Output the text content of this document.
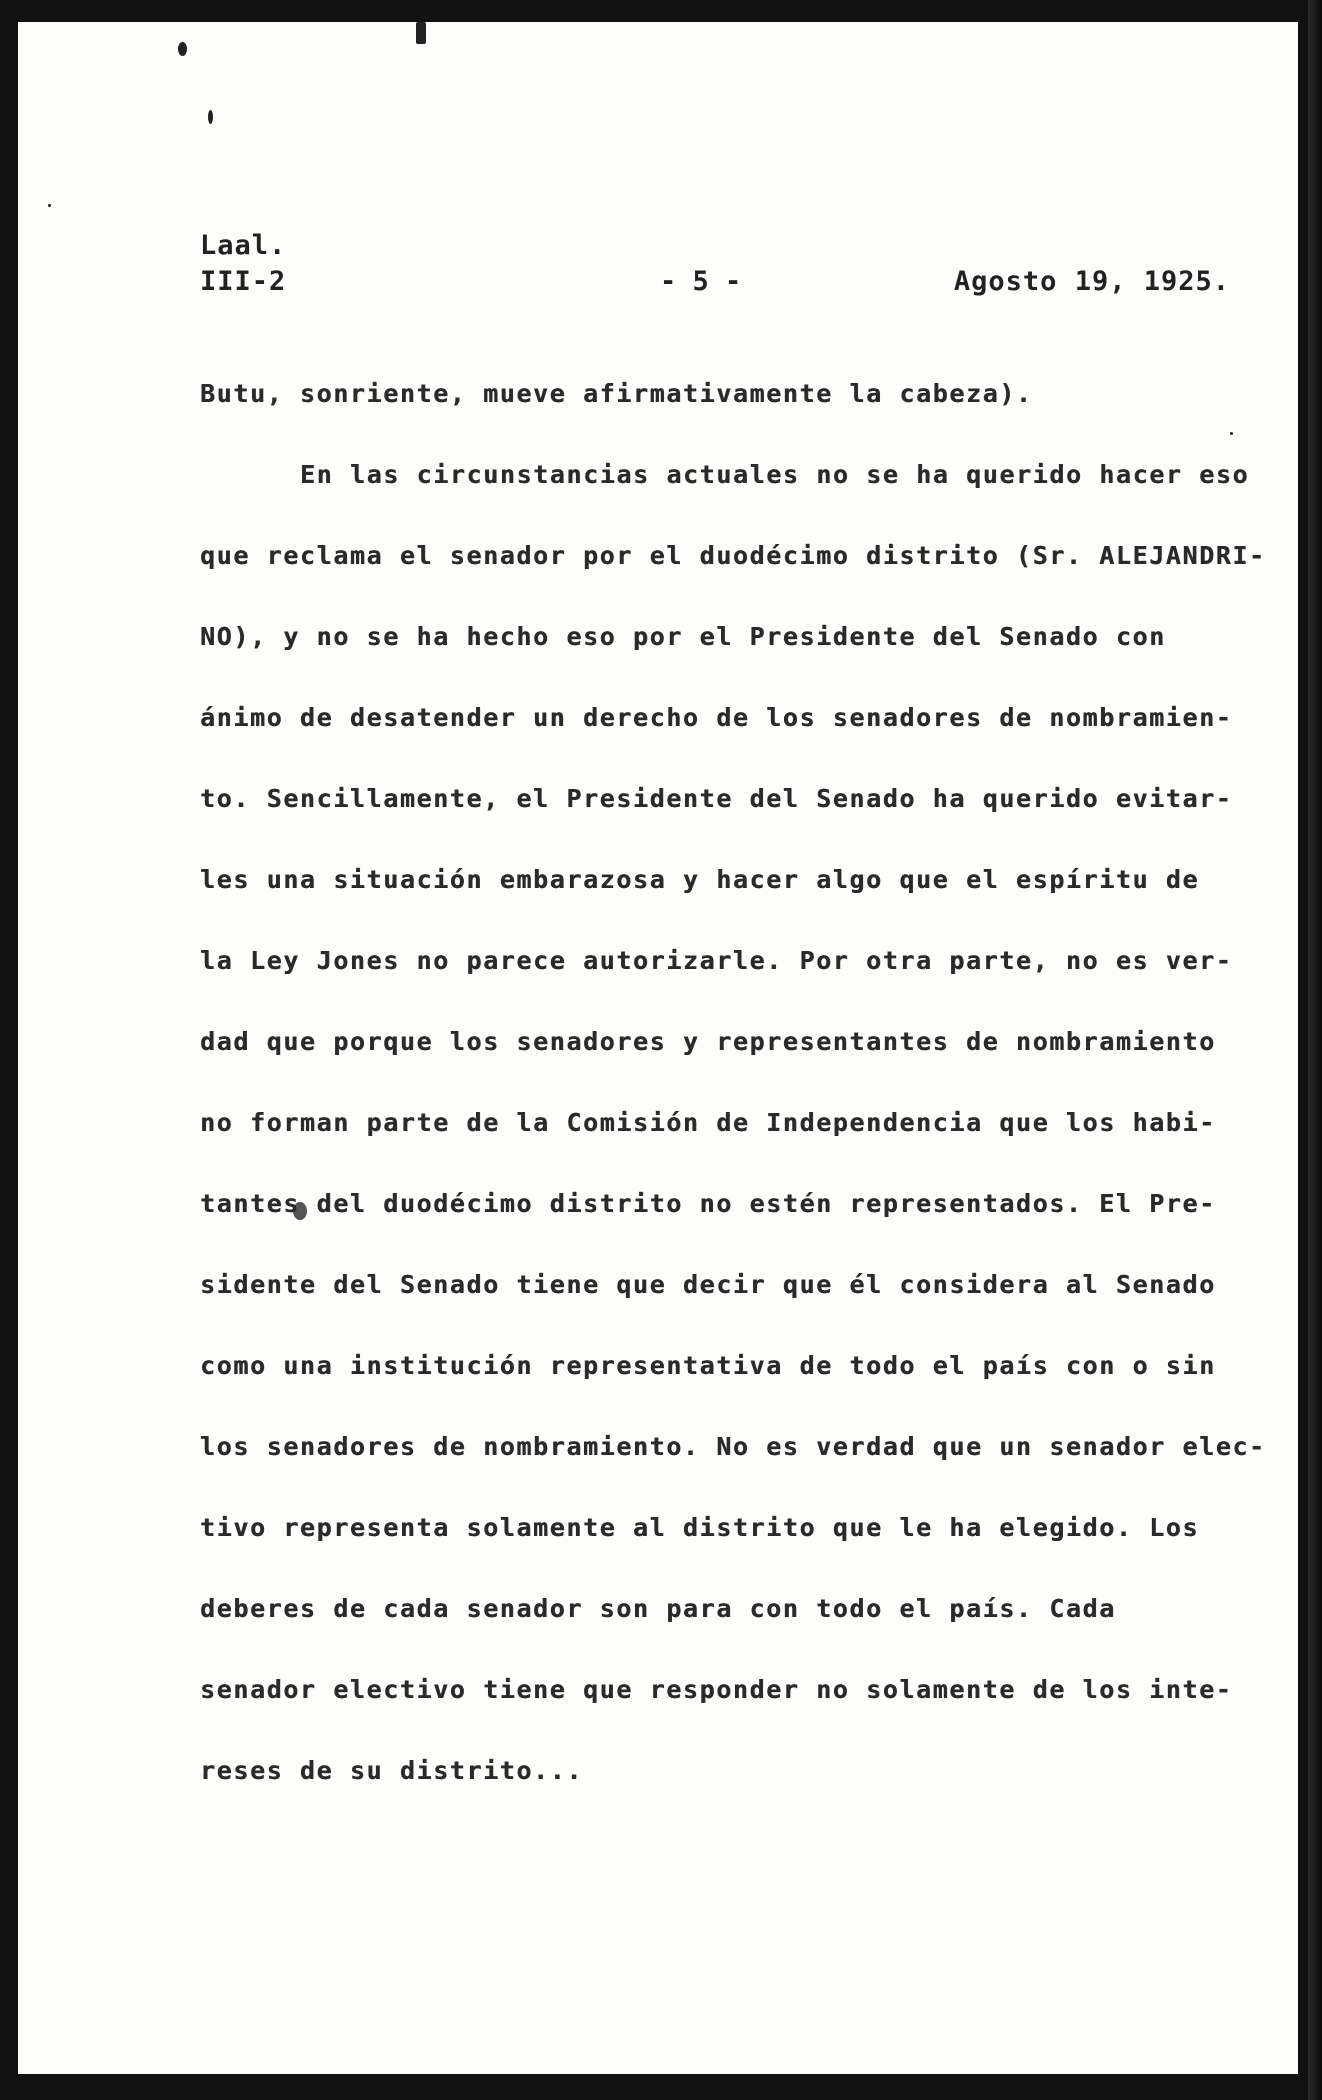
Laal.
III-2	- 5 -	Agosto 19, 1925.
Butu, sonriente, mueve afirmativamente la cabeza).
En las circunstancias actuales no se ha querido hacer eso
que reclama el senador por el duodécimo distrito (Sr. ALEJANDRI-
NO), y no se ha hecho eso por el Presidente del Senado con
ánimo de desatender un derecho de los senadores de nombramien-
to. Sencillamente, el Presidente del Senado ha querido evitar-
les una situación embarazosa y hacer algo que el espíritu de
la Ley Jones no parece autorizarle. Por otra parte, no es ver-
dad que porque los senadores y representantes de nombramiento
no forman parte de la Comisión de Independencia que los habi-
tantes del duodécimo distrito no estén representados. El Pre-
sidente del Senado tiene que decir que él considera al Senado
como una institución representativa de todo el país con o sin
los senadores de nombramiento. No es verdad que un senador elec-
tivo representa solamente al distrito que le ha elegido. Los
deberes de cada senador son para con todo el país. Cada
senador electivo tiene que responder no solamente de los inte-
reses de su distrito...
